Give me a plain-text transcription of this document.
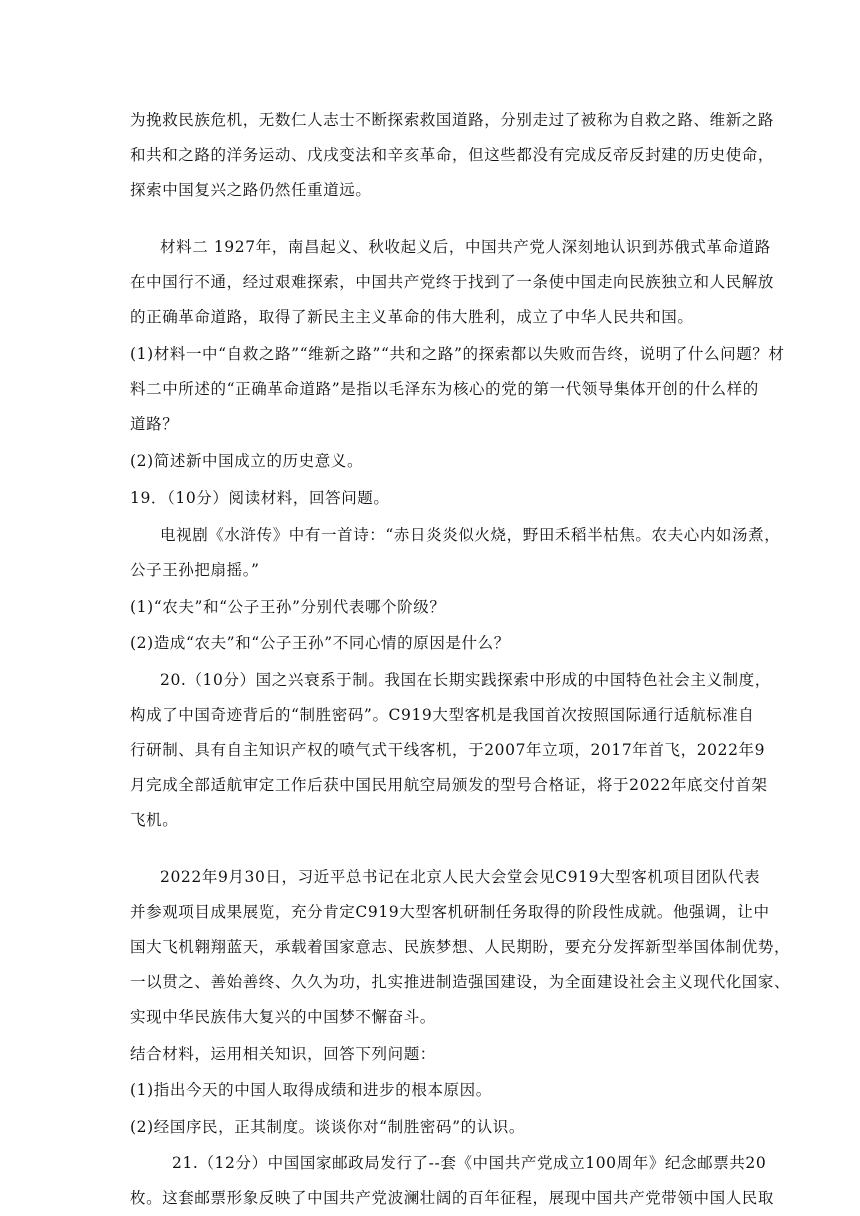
为挽救民族危机，无数仁人志士不断探索救国道路，分别走过了被称为自救之路、维新之路
和共和之路的洋务运动、戊戌变法和辛亥革命，但这些都没有完成反帝反封建的历史使命，
探索中国复兴之路仍然任重道远。
材料二 1927年，南昌起义、秋收起义后，中国共产党人深刻地认识到苏俄式革命道路
在中国行不通，经过艰难探索，中国共产党终于找到了一条使中国走向民族独立和人民解放
的正确革命道路，取得了新民主主义革命的伟大胜利，成立了中华人民共和国。
(1)材料一中“自救之路”“维新之路”“共和之路”的探索都以失败而告终，说明了什么问题？材
料二中所述的“正确革命道路”是指以毛泽东为核心的党的第一代领导集体开创的什么样的
道路？
(2)简述新中国成立的历史意义。
19．（10分）阅读材料，回答问题。
电视剧《水浒传》中有一首诗：“赤日炎炎似火烧，野田禾稻半枯焦。农夫心内如汤煮，
公子王孙把扇摇。”
(1)“农夫”和“公子王孙”分别代表哪个阶级？
(2)造成“农夫”和“公子王孙”不同心情的原因是什么？
20.（10分）国之兴衰系于制。我国在长期实践探索中形成的中国特色社会主义制度，
构成了中国奇迹背后的“制胜密码”。C919大型客机是我国首次按照国际通行适航标准自
行研制、具有自主知识产权的喷气式干线客机，于2007年立项，2017年首飞，2022年9
月完成全部适航审定工作后获中国民用航空局颁发的型号合格证，将于2022年底交付首架
飞机。
2022年9月30日，习近平总书记在北京人民大会堂会见C919大型客机项目团队代表
并参观项目成果展览，充分肯定C919大型客机研制任务取得的阶段性成就。他强调，让中
国大飞机翱翔蓝天，承载着国家意志、民族梦想、人民期盼，要充分发挥新型举国体制优势，
一以贯之、善始善终、久久为功，扎实推进制造强国建设，为全面建设社会主义现代化国家、
实现中华民族伟大复兴的中国梦不懈奋斗。
结合材料，运用相关知识，回答下列问题：
(1)指出今天的中国人取得成绩和进步的根本原因。
(2)经国序民，正其制度。谈谈你对“制胜密码”的认识。
21.（12分）中国国家邮政局发行了--套《中国共产党成立100周年》纪念邮票共20
枚。这套邮票形象反映了中国共产党波澜壮阔的百年征程，展现中国共产党带领中国人民取
